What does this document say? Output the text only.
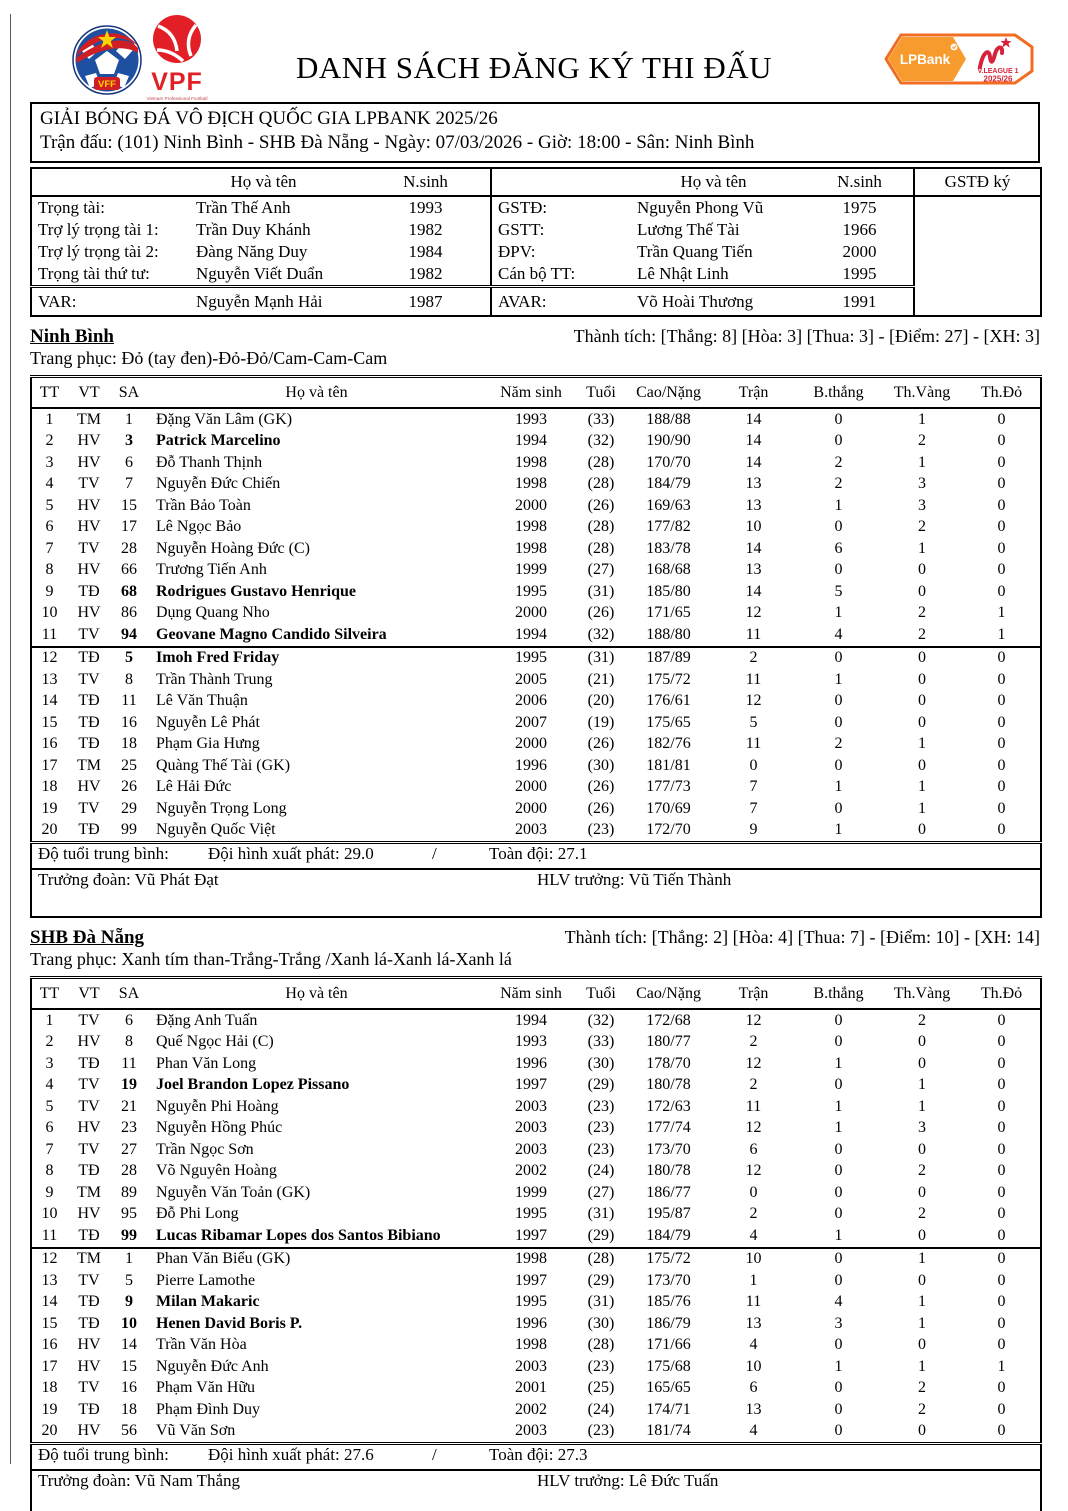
VFF VPF
Vietnam Professional Football
DANH SÁCH ĐĂNG KÝ THI ĐẤU	LPBank
V.LEAGUE 1
2025/26
GIẢI BÓNG ĐÁ VÔ ĐỊCH QUỐC GIA LPBANK 2025/26
Trận đấu: (101) Ninh Bình - SHB Đà Nẵng - Ngày: 07/03/2026 - Giờ: 18:00 - Sân: Ninh Bình
	Họ và tên	N.sinh		Họ và tên	N.sinh	GSTĐ ký
Trọng tài:	Trần Thế Anh	1993	GSTĐ:	Nguyễn Phong Vũ	1975	
Trợ lý trọng tài 1:	Trần Duy Khánh	1982	GSTT:	Lương Thế Tài	1966	
Trợ lý trọng tài 2:	Đàng Năng Duy	1984	ĐPV:	Trần Quang Tiến	2000	
Trọng tài thứ tư:	Nguyễn Viết Duẩn	1982	Cán bộ TT:	Lê Nhật Linh	1995	
VAR:	Nguyễn Mạnh Hải	1987	AVAR:	Võ Hoài Thương	1991	
Ninh Bình	Thành tích: [Thắng: 8] [Hòa: 3] [Thua: 3] - [Điểm: 27] - [XH: 3]
Trang phục: Đỏ (tay đen)-Đỏ-Đỏ/Cam-Cam-Cam
TT	VT	SA	Họ và tên	Năm sinh	Tuổi	Cao/Nặng	Trận	B.thắng	Th.Vàng	Th.Đỏ
1	TM	1	Đặng Văn Lâm (GK)	1993	(33)	188/88	14	0	1	0
2	HV	3	Patrick Marcelino	1994	(32)	190/90	14	0	2	0
3	HV	6	Đỗ Thanh Thịnh	1998	(28)	170/70	14	2	1	0
4	TV	7	Nguyễn Đức Chiến	1998	(28)	184/79	13	2	3	0
5	HV	15	Trần Bảo Toàn	2000	(26)	169/63	13	1	3	0
6	HV	17	Lê Ngọc Bảo	1998	(28)	177/82	10	0	2	0
7	TV	28	Nguyễn Hoàng Đức (C)	1998	(28)	183/78	14	6	1	0
8	HV	66	Trương Tiến Anh	1999	(27)	168/68	13	0	0	0
9	TĐ	68	Rodrigues Gustavo Henrique	1995	(31)	185/80	14	5	0	0
10	HV	86	Dụng Quang Nho	2000	(26)	171/65	12	1	2	1
11	TV	94	Geovane Magno Candido Silveira	1994	(32)	188/80	11	4	2	1
12	TĐ	5	Imoh Fred Friday	1995	(31)	187/89	2	0	0	0
13	TV	8	Trần Thành Trung	2005	(21)	175/72	11	1	0	0
14	TĐ	11	Lê Văn Thuận	2006	(20)	176/61	12	0	0	0
15	TĐ	16	Nguyễn Lê Phát	2007	(19)	175/65	5	0	0	0
16	TĐ	18	Phạm Gia Hưng	2000	(26)	182/76	11	2	1	0
17	TM	25	Quàng Thế Tài (GK)	1996	(30)	181/81	0	0	0	0
18	HV	26	Lê Hải Đức	2000	(26)	177/73	7	1	1	0
19	TV	29	Nguyễn Trọng Long	2000	(26)	170/69	7	0	1	0
20	TĐ	99	Nguyễn Quốc Việt	2003	(23)	172/70	9	1	0	0

Độ tuổi trung bình: Đội hình xuất phát: 29.0 / Toàn đội: 27.1										

Trưởng đoàn: Vũ Phát Đạt HLV trưởng: Vũ Tiến Thành										
SHB Đà Nẵng	Thành tích: [Thắng: 2] [Hòa: 4] [Thua: 7] - [Điểm: 10] - [XH: 14]
Trang phục: Xanh tím than-Trắng-Trắng /Xanh lá-Xanh lá-Xanh lá
TT	VT	SA	Họ và tên	Năm sinh	Tuổi	Cao/Nặng	Trận	B.thắng	Th.Vàng	Th.Đỏ
1	TV	6	Đặng Anh Tuấn	1994	(32)	172/68	12	0	2	0
2	HV	8	Quế Ngọc Hải (C)	1993	(33)	180/77	2	0	0	0
3	TĐ	11	Phan Văn Long	1996	(30)	178/70	12	1	0	0
4	TV	19	Joel Brandon Lopez Pissano	1997	(29)	180/78	2	0	1	0
5	TV	21	Nguyễn Phi Hoàng	2003	(23)	172/63	11	1	1	0
6	HV	23	Nguyễn Hồng Phúc	2003	(23)	177/74	12	1	3	0
7	TV	27	Trần Ngọc Sơn	2003	(23)	173/70	6	0	0	0
8	TĐ	28	Võ Nguyên Hoàng	2002	(24)	180/78	12	0	2	0
9	TM	89	Nguyễn Văn Toản (GK)	1999	(27)	186/77	0	0	0	0
10	HV	95	Đỗ Phi Long	1995	(31)	195/87	2	0	2	0
11	TĐ	99	Lucas Ribamar Lopes dos Santos Bibiano	1997	(29)	184/79	4	1	0	0
12	TM	1	Phan Văn Biểu (GK)	1998	(28)	175/72	10	0	1	0
13	TV	5	Pierre Lamothe	1997	(29)	173/70	1	0	0	0
14	TĐ	9	Milan Makaric	1995	(31)	185/76	11	4	1	0
15	TĐ	10	Henen David Boris P.	1996	(30)	186/79	13	3	1	0
16	HV	14	Trần Văn Hòa	1998	(28)	171/66	4	0	0	0
17	HV	15	Nguyễn Đức Anh	2003	(23)	175/68	10	1	1	1
18	TV	16	Phạm Văn Hữu	2001	(25)	165/65	6	0	2	0
19	TĐ	18	Phạm Đình Duy	2002	(24)	174/71	13	0	2	0
20	HV	56	Vũ Văn Sơn	2003	(23)	181/74	4	0	0	0

Độ tuổi trung bình: Đội hình xuất phát: 27.6 / Toàn đội: 27.3										

Trưởng đoàn: Vũ Nam Thắng HLV trưởng: Lê Đức Tuấn										
